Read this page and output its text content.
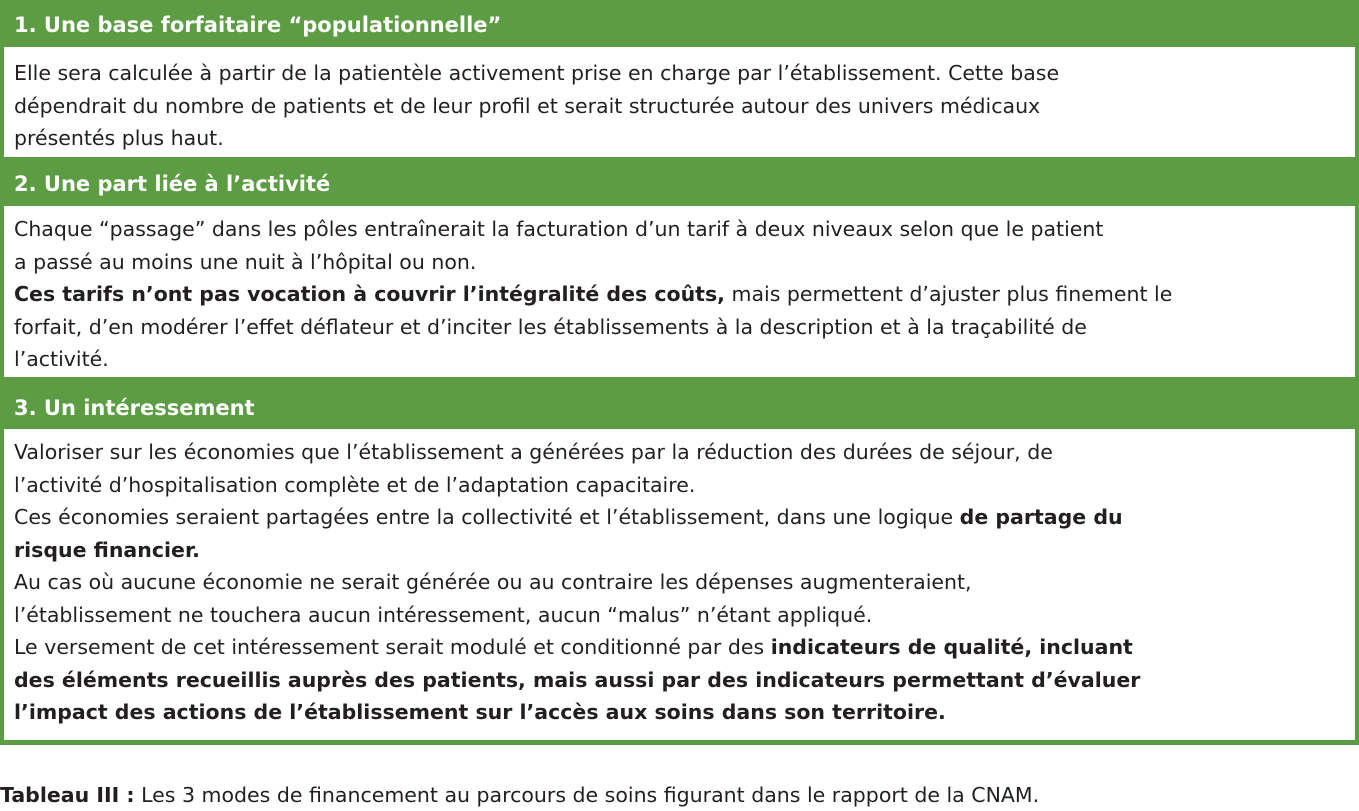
1. Une base forfaitaire “populationnelle”

Elle sera calculée à partir de la patientèle activement prise en charge par l’établissement. Cette base

dépendrait du nombre de patients et de leur profil et serait structurée autour des univers médicaux

présentés plus haut.

2. Une part liée à l’activité

Chaque “passage” dans les pôles entraînerait la facturation d’un tarif à deux niveaux selon que le patient

a passé au moins une nuit à l’hôpital ou non.

Ces tarifs n’ont pas vocation à couvrir l’intégralité des coûts, mais permettent d’ajuster plus finement le

forfait, d’en modérer l’effet déflateur et d’inciter les établissements à la description et à la traçabilité de

l’activité.

3. Un intéressement

Valoriser sur les économies que l’établissement a générées par la réduction des durées de séjour, de

l’activité d’hospitalisation complète et de l’adaptation capacitaire.

Ces économies seraient partagées entre la collectivité et l’établissement, dans une logique de partage du

risque financier.

Au cas où aucune économie ne serait générée ou au contraire les dépenses augmenteraient,

l’établissement ne touchera aucun intéressement, aucun “malus” n’étant appliqué.

Le versement de cet intéressement serait modulé et conditionné par des indicateurs de qualité, incluant

des éléments recueillis auprès des patients, mais aussi par des indicateurs permettant d’évaluer

l’impact des actions de l’établissement sur l’accès aux soins dans son territoire.

Tableau III : Les 3 modes de financement au parcours de soins figurant dans le rapport de la CNAM.
